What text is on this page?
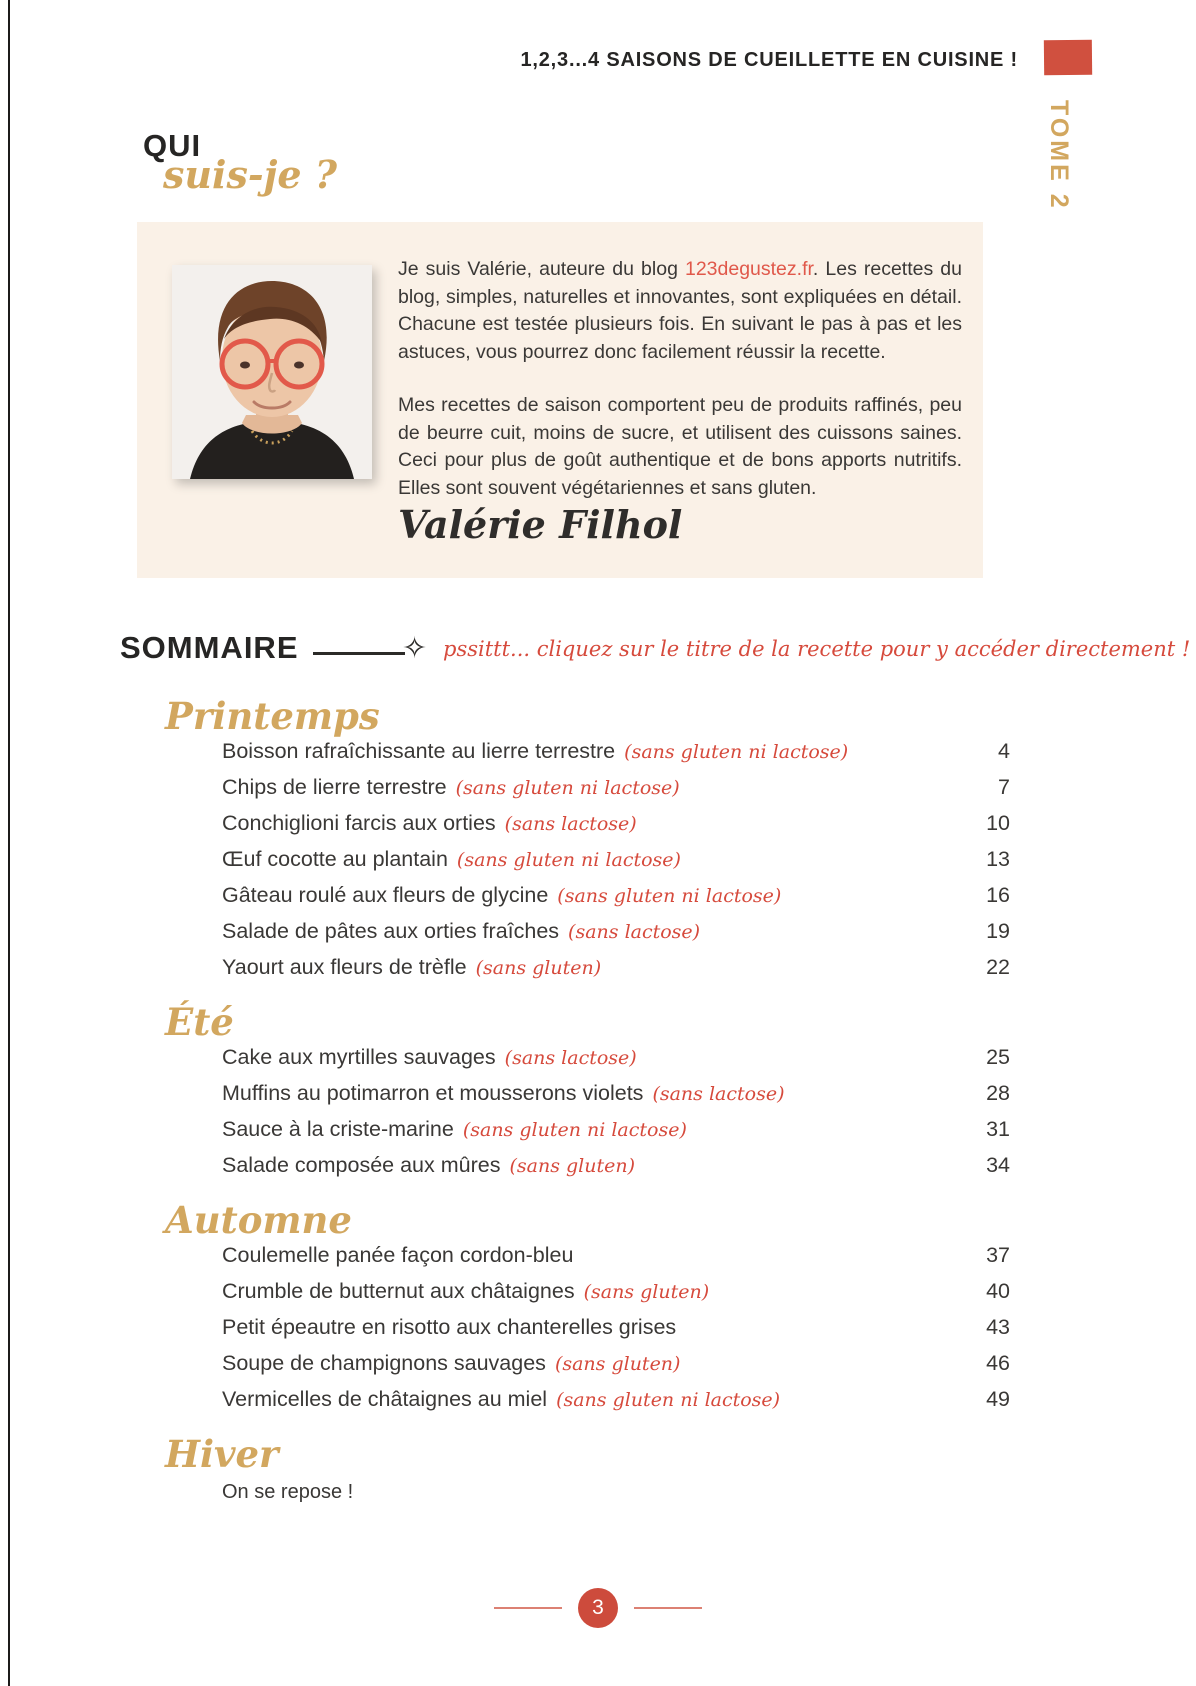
1,2,3...4 SAISONS DE CUEILLETTE EN CUISINE !
TOME 2
QUI
suis-je ?

Je suis Valérie, auteure du blog 123degustez.fr. Les recettes du blog, simples, naturelles et innovantes, sont expliquées en détail. Chacune est testée plusieurs fois. En suivant le pas à pas et les astuces, vous pourrez donc facilement réussir la recette.

Mes recettes de saison comportent peu de produits raffinés, peu de beurre cuit, moins de sucre, et utilisent des cuissons saines. Ceci pour plus de goût authentique et de bons apports nutritifs. Elles sont souvent végétariennes et sans gluten.

Valérie Filhol
SOMMAIRE	✧ pssittt... cliquez sur le titre de la recette pour y accéder directement !
Printemps
Boisson rafraîchissante au lierre terrestre (sans gluten ni lactose)	4
Chips de lierre terrestre (sans gluten ni lactose)	7
Conchiglioni farcis aux orties (sans lactose)	10
Œuf cocotte au plantain (sans gluten ni lactose)	13
Gâteau roulé aux fleurs de glycine (sans gluten ni lactose)	16
Salade de pâtes aux orties fraîches (sans lactose)	19
Yaourt aux fleurs de trèfle (sans gluten)	22
Été
Cake aux myrtilles sauvages (sans lactose)	25
Muffins au potimarron et mousserons violets (sans lactose)	28
Sauce à la criste-marine (sans gluten ni lactose)	31
Salade composée aux mûres (sans gluten)	34
Automne
Coulemelle panée façon cordon-bleu	37
Crumble de butternut aux châtaignes (sans gluten)	40
Petit épeautre en risotto aux chanterelles grises	43
Soupe de champignons sauvages (sans gluten)	46
Vermicelles de châtaignes au miel (sans gluten ni lactose)	49
Hiver
On se repose !
3
